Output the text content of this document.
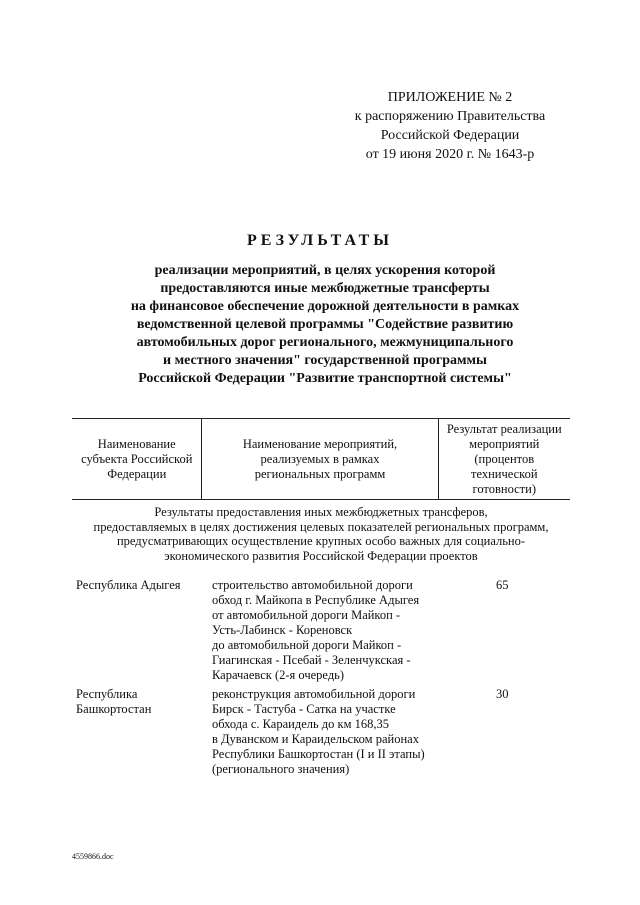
ПРИЛОЖЕНИЕ № 2
к распоряжению Правительства
Российской Федерации
от 19 июня 2020 г. № 1643-р
РЕЗУЛЬТАТЫ
реализации мероприятий, в целях ускорения которой
предоставляются иные межбюджетные трансферты
на финансовое обеспечение дорожной деятельности в рамках
ведомственной целевой программы "Содействие развитию
автомобильных дорог регионального, межмуниципального
и местного значения" государственной программы
Российской Федерации "Развитие транспортной системы"
Наименование
субъекта Российской
Федерации
Наименование мероприятий,
реализуемых в рамках
региональных программ
Результат реализации
мероприятий
(процентов
технической
готовности)
Результаты предоставления иных межбюджетных трансферов,
предоставляемых в целях достижения целевых показателей региональных программ,
предусматривающих осуществление крупных особо важных для социально-
экономического развития Российской Федерации проектов
Республика Адыгея	строительство автомобильной дороги
обход г. Майкопа в Республике Адыгея
от автомобильной дороги Майкоп -
Усть-Лабинск - Кореновск
до автомобильной дороги Майкоп -
Гиагинская - Псебай - Зеленчукская -
Карачаевск (2-я очередь)
65
Республика
Башкортостан
реконструкция автомобильной дороги
Бирск - Тастуба - Сатка на участке
обхода с. Караидель до км 168,35
в Дуванском и Караидельском районах
Республики Башкортостан (I и II этапы)
(регионального значения)
30
4559866.doc
